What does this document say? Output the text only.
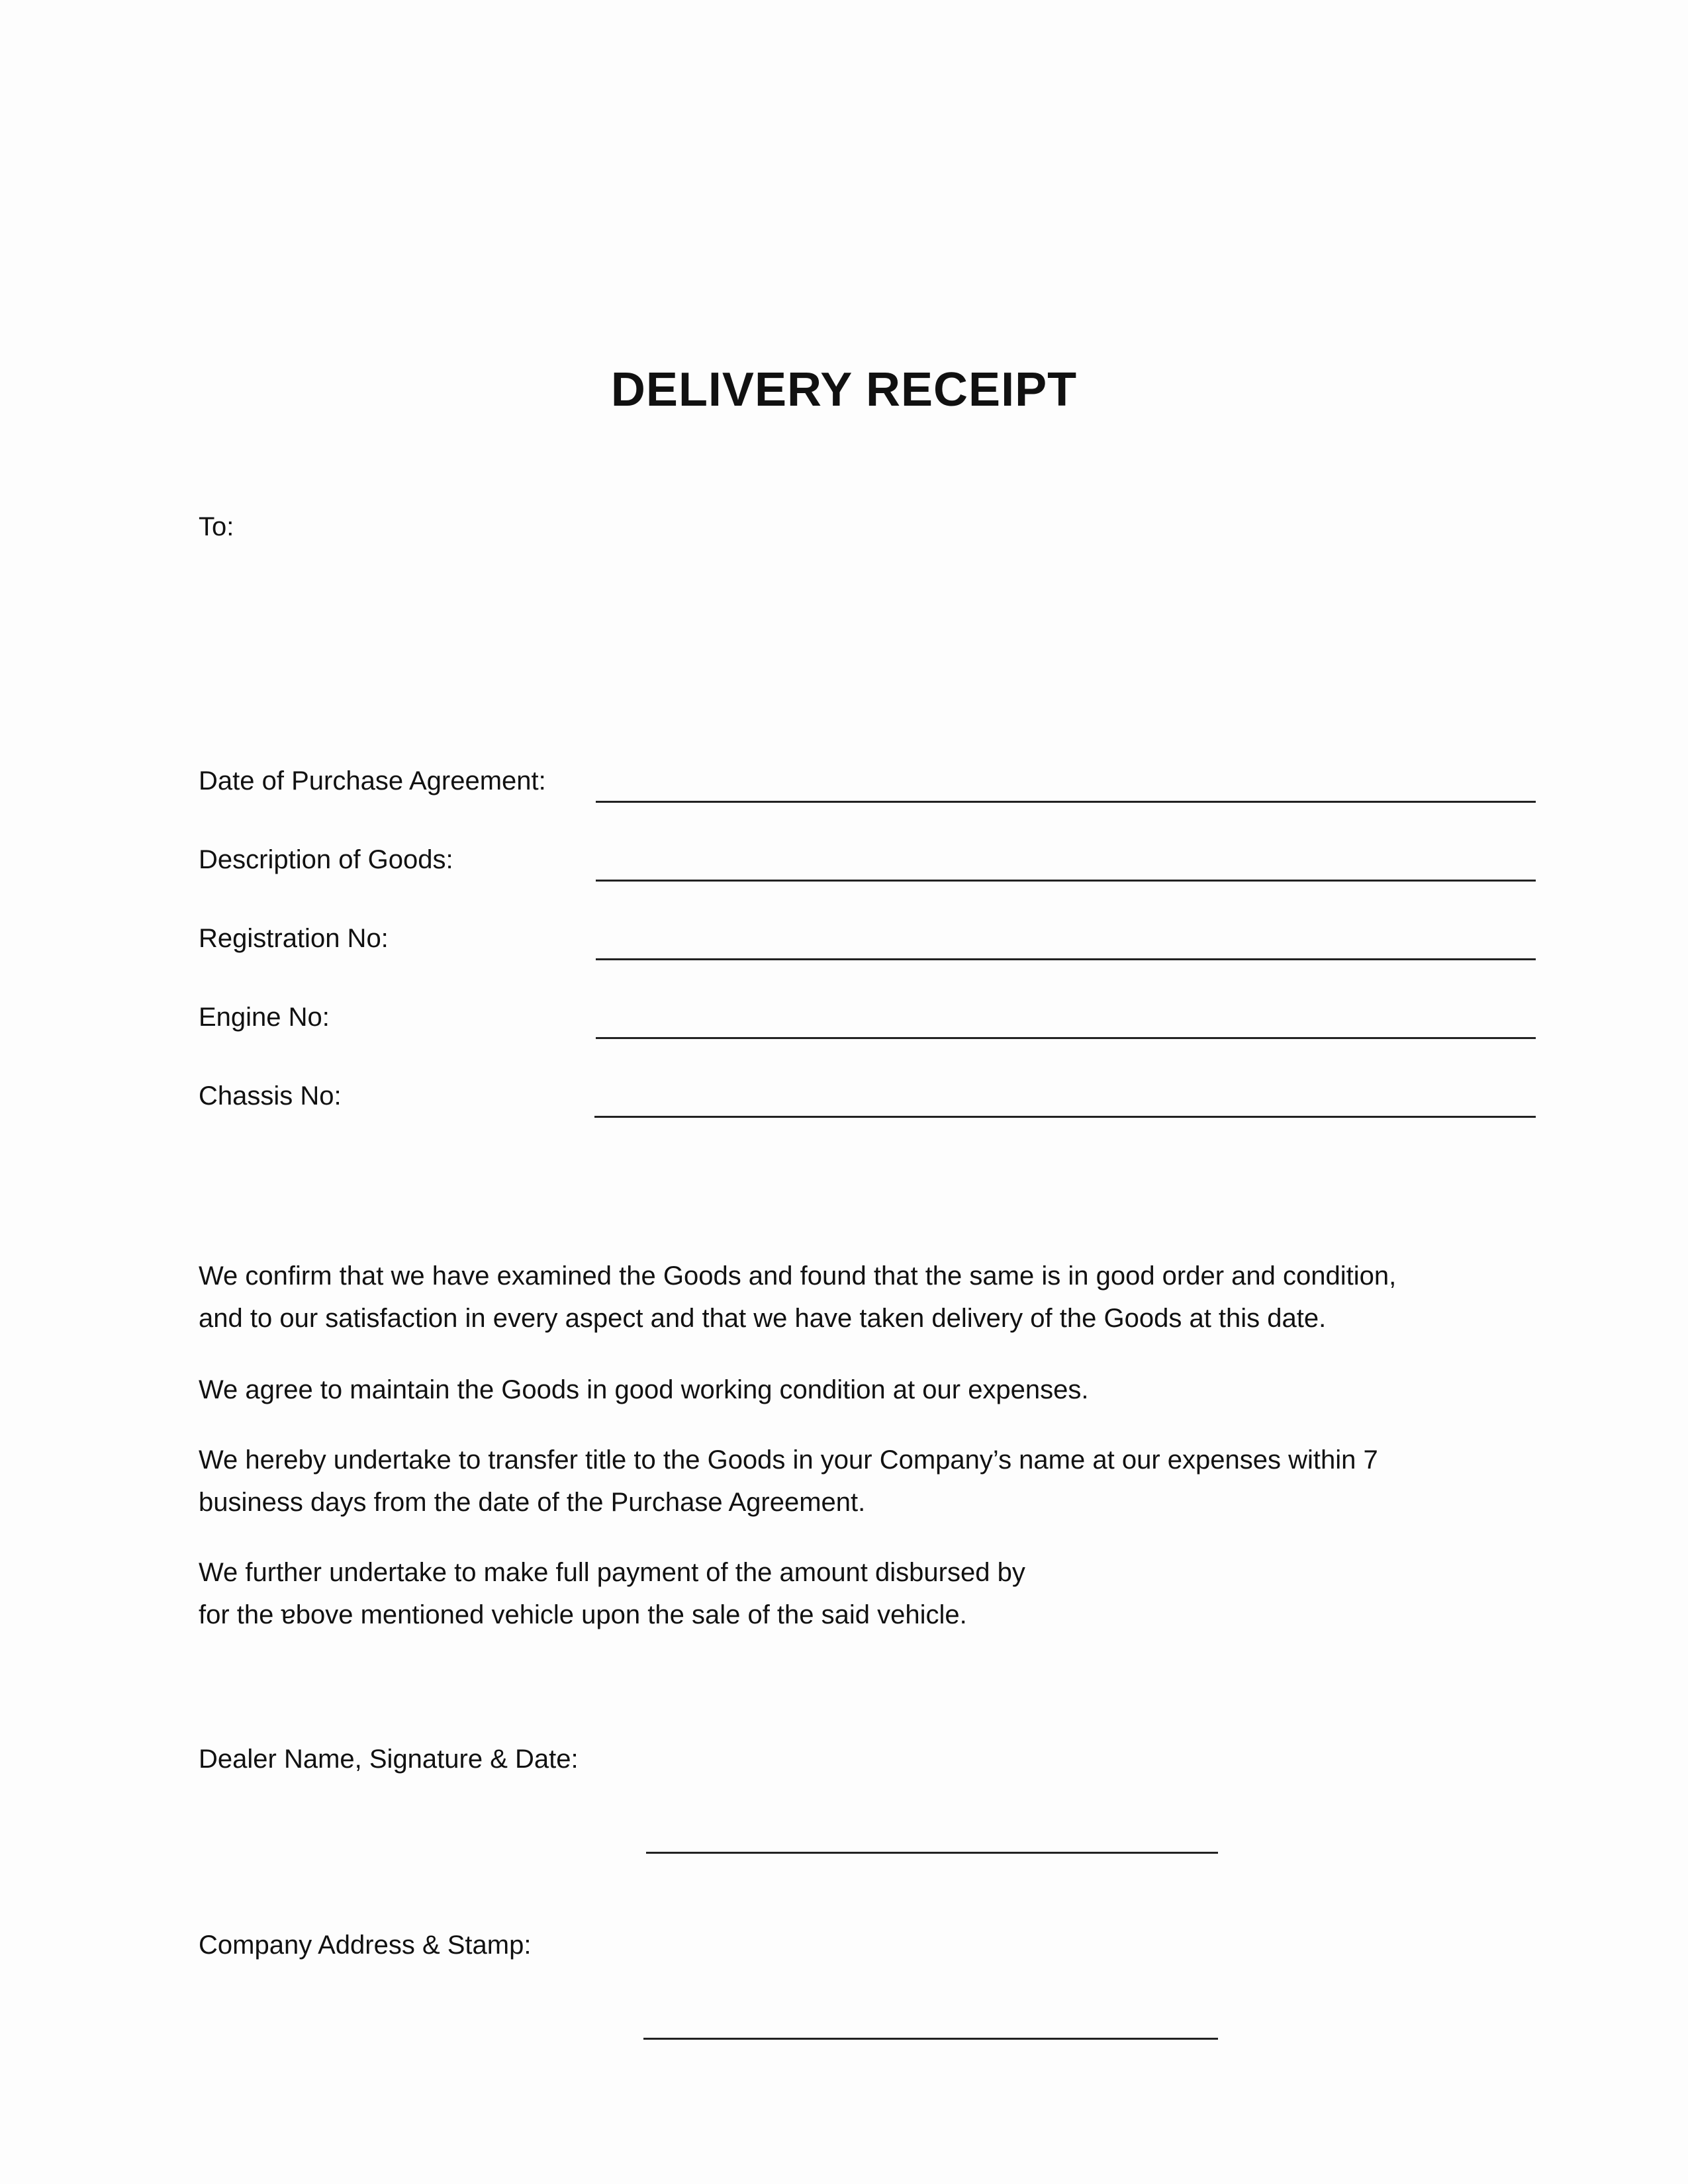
DELIVERY RECEIPT
To:
Date of Purchase Agreement:
Description of Goods:
Registration No:
Engine No:
Chassis No:
We confirm that we have examined the Goods and found that the same is in good order and condition,
and to our satisfaction in every aspect and that we have taken delivery of the Goods at this date.
We agree to maintain the Goods in good working condition at our expenses.
We hereby undertake to transfer title to the Goods in your Company’s name at our expenses within 7
business days from the date of the Purchase Agreement.
We further undertake to make full payment of the amount disbursed by
for the ɐbove mentioned vehicle upon the sale of the said vehicle.
Dealer Name, Signature & Date:
Company Address & Stamp:
